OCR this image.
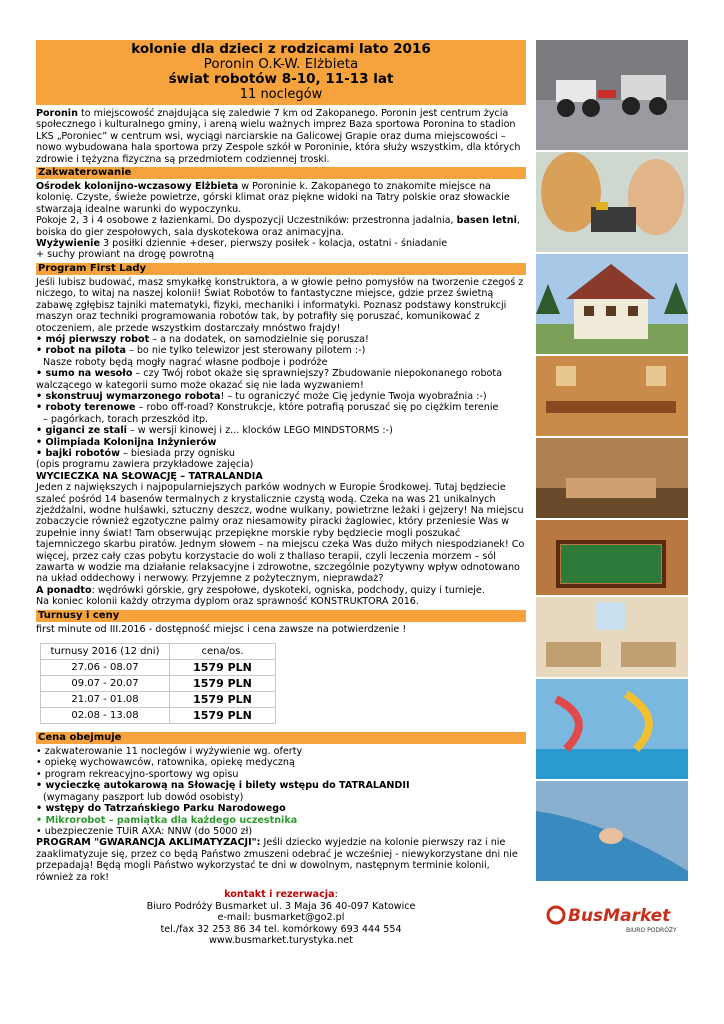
kolonie dla dzieci z rodzicami lato 2016
Poronin O.K-W. Elżbieta
świat robotów 8-10, 11-13 lat
11 noclegów
Poronin to miejscowość znajdująca się zaledwie 7 km od Zakopanego. Poronin jest centrum życia społecznego i kulturalnego gminy, i areną wielu ważnych imprez Baza sportowa Poronina to stadion LKS „Poroniec” w centrum wsi, wyciągi narciarskie na Galicowej Grapie oraz duma miejscowości – nowo wybudowana hala sportowa przy Zespole szkół w Poroninie, która służy wszystkim, dla których zdrowie i tężyzna fizyczna są przedmiotem codziennej troski.
Zakwaterowanie
Ośrodek kolonijno-wczasowy Elżbieta w Poroninie k. Zakopanego to znakomite miejsce na kolonię. Czyste, świeże powietrze, górski klimat oraz piękne widoki na Tatry polskie oraz słowackie stwarzają idealne warunki do wypoczynku.
Pokoje 2, 3 i 4 osobowe z łazienkami. Do dyspozycji Uczestników: przestronna jadalnia, basen letni, boiska do gier zespołowych, sala dyskotekowa oraz animacyjna.
Wyżywienie 3 posiłki dziennie +deser, pierwszy posiłek - kolacja, ostatni - śniadanie
+ suchy prowiant na drogę powrotną
Program First Lady
Jeśli lubisz budować, masz smykałkę konstruktora, a w głowie pełno pomysłów na tworzenie czegoś z niczego, to witaj na naszej kolonii! Świat Robotów to fantastyczne miejsce, gdzie przez świetną zabawę zgłębisz tajniki matematyki, fizyki, mechaniki i informatyki. Poznasz podstawy konstrukcji maszyn oraz techniki programowania robotów tak, by potrafiły się poruszać, komunikować z otoczeniem, ale przede wszystkim dostarczały mnóstwo frajdy!
• mój pierwszy robot – a na dodatek, on samodzielnie się porusza!
• robot na pilota – bo nie tylko telewizor jest sterowany pilotem :-)
Nasze roboty będą mogły nagrać własne podboje i podróże
• sumo na wesoło – czy Twój robot okaże się sprawniejszy? Zbudowanie niepokonanego robota walczącego w kategorii sumo może okazać się nie lada wyzwaniem!
• skonstruuj wymarzonego robota! – tu ograniczyć może Cię jedynie Twoja wyobraźnia :-)
• roboty terenowe – robo off-road? Konstrukcje, które potrafią poruszać się po ciężkim terenie
– pagórkach, torach przeszkód itp.
• giganci ze stali – w wersji kinowej i z... klocków LEGO MINDSTORMS :-)
• Olimpiada Kolonijna Inżynierów
• bajki robotów – biesiada przy ognisku
(opis programu zawiera przykładowe zajęcia)
WYCIECZKA NA SŁOWACJĘ – TATRALANDIA
Jeden z największych i najpopularniejszych parków wodnych w Europie Środkowej. Tutaj będziecie szaleć pośród 14 basenów termalnych z krystalicznie czystą wodą. Czeka na was 21 unikalnych zjeżdżalni, wodne hulśawki, sztuczny deszcz, wodne wulkany, powietrzne leżaki i gejzery! Na miejscu zobaczycie również egzotyczne palmy oraz niesamowity piracki żaglowiec, który przeniesie Was w zupełnie inny świat! Tam obserwując przepiękne morskie ryby będziecie mogli poszukać tajemniczego skarbu piratów. Jednym słowem – na miejscu czeka Was dużo miłych niespodzianek! Co więcej, przez cały czas pobytu korzystacie do woli z thallaso terapii, czyli leczenia morzem – sól zawarta w wodzie ma działanie relaksacyjne i zdrowotne, szczególnie pozytywny wpływ odnotowano na układ oddechowy i nerwowy. Przyjemne z pożytecznym, nieprawdaż?
A ponadto: wędrówki górskie, gry zespołowe, dyskoteki, ogniska, podchody, quizy i turnieje.
Na koniec kolonii każdy otrzyma dyplom oraz sprawność KONSTRUKTORA 2016.
Turnusy i ceny
first minute od III.2016 - dostępność miejsc i cena zawsze na potwierdzenie !
turnusy 2016 (12 dni)	cena/os.
27.06 - 08.07	1579 PLN
09.07 - 20.07	1579 PLN
21.07 - 01.08	1579 PLN
02.08 - 13.08	1579 PLN
Cena obejmuje
• zakwaterowanie 11 noclegów i wyżywienie wg. oferty
• opiekę wychowawców, ratownika, opiekę medyczną
• program rekreacyjno-sportowy wg opisu
• wycieczkę autokarową na Słowację i bilety wstępu do TATRALANDII
(wymagany paszport lub dowód osobisty)
• wstępy do Tatrzańskiego Parku Narodowego
• Mikrorobot – pamiątka dla każdego uczestnika
• ubezpieczenie TUiR AXA: NNW (do 5000 zł)
PROGRAM "GWARANCJA AKLIMATYZACJI": Jeśli dziecko wyjedzie na kolonie pierwszy raz i nie zaaklimatyzuje się, przez co będą Państwo zmuszeni odebrać je wcześniej - niewykorzystane dni nie przepadają! Będą mogli Państwo wykorzystać te dni w dowolnym, następnym terminie kolonii, również za rok!
kontakt i rezerwacja:
Biuro Podróży Busmarket ul. 3 Maja 36 40-097 Katowice
e-mail: busmarket@go2.pl
tel./fax 32 253 86 34 tel. komórkowy 693 444 554
www.busmarket.turystyka.net
BusMarket
BIURO PODRÓŻY
